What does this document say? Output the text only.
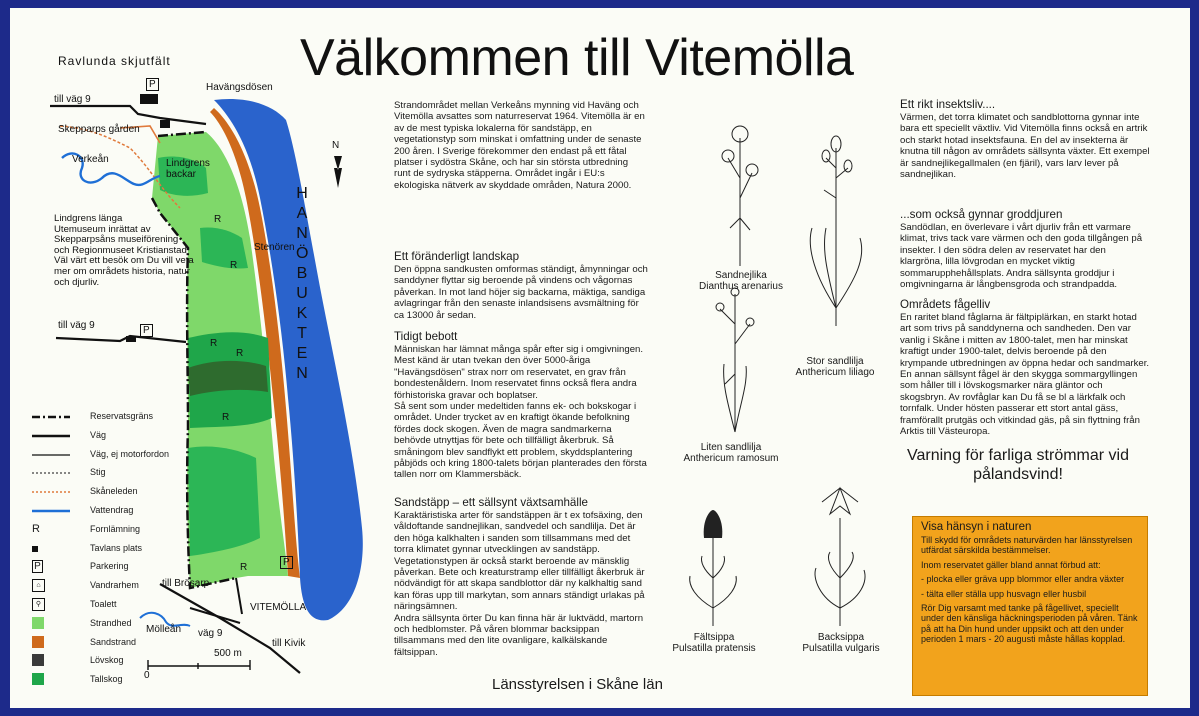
Välkommen till Vitemölla
Ravlunda skjutfält
Havängsdösen
till väg 9
Skepparps gården
Verkeån	Lindgrens backar
Stenören
HANÖBUKTEN
till väg 9
VITEMÖLLA
till Brösarp
Mölleån väg 9
till Kivik
0
500 m
N
Lindgrens länga
Utemuseum inrättat av
Skepparpsåns museiförening
och Regionmuseet Kristianstad
Väl värt ett besök om Du vill veta
mer om områdets historia, natur
och djurliv.
R
R
R
R
R
R
P
P
P
Reservatsgräns
Väg
Väg, ej motorfordon
Stig
Skåneleden
Vattendrag
R	Fornlämning
Tavlans plats
P	Parkering
⌂	Vandrarhem
⚲	Toalett
Strandhed
Sandstrand
Lövskog
Tallskog

Strandområdet mellan Verkeåns mynning vid Haväng och Vitemölla avsattes som naturreservat 1964. Vitemölla är en av de mest typiska lokalerna för sandstäpp, en vegetationstyp som minskat i omfattning under de senaste 200 åren. I Sverige förekommer den endast på ett fåtal platser i sydöstra Skåne, och har sin största utbredning runt de sydryska stäpperna. Området ingår i EU:s ekologiska nätverk av skyddade områden, Natura 2000.

Ett föränderligt landskap

Den öppna sandkusten omformas ständigt, åmynningar och sanddyner flyttar sig beroende på vindens och vågornas påverkan. In mot land höjer sig backarna, mäktiga, sandiga avlagringar från den senaste inlandsisens avsmältning för ca 13000 år sedan.

Tidigt bebott

Människan har lämnat många spår efter sig i omgivningen. Mest känd är utan tvekan den över 5000-åriga "Havängsdösen" strax norr om reservatet, en grav från bondestenåldern. Inom reservatet finns också flera andra förhistoriska gravar och boplatser.

Så sent som under medeltiden fanns ek- och bokskogar i området. Under trycket av en kraftigt ökande befolkning fördes dock skogen. Även de magra sandmarkerna behövde utnyttjas för bete och tillfälligt åkerbruk. Så småningom blev sandflykt ett problem, skyddsplantering påbjöds och kring 1800-talets början planterades den första tallen norr om Klammersbäck.

Sandstäpp – ett sällsynt växtsamhälle

Karaktäristiska arter för sandstäppen är t ex tofsäxing, den våldoftande sandnejlikan, sandvedel och sandlilja. Det är den höga kalkhalten i sanden som tillsammans med det torra klimatet gynnar utvecklingen av sandstäpp. Vegetationstypen är också starkt beroende av mänsklig påverkan. Bete och kreaturstramp eller tillfälligt åkerbruk är nödvändigt för att skapa sandblottor där ny kalkhaltig sand kan föras upp till markytan, som annars ständigt urlakas på näringsämnen.

Andra sällsynta örter Du kan finna här är luktvädd, martorn och hedblomster. På våren blommar backsippan tillsammans med den lite ovanligare, kalkälskande fältsippan.

Sandnejlika
Dianthus arenarius
Stor sandlilja
Anthericum liliago
Liten sandlilja
Anthericum ramosum
Fältsippa
Pulsatilla pratensis
Backsippa
Pulsatilla vulgaris

Ett rikt insektsliv....

Värmen, det torra klimatet och sandblottorna gynnar inte bara ett speciellt växtliv. Vid Vitemölla finns också en artrik och starkt hotad insektsfauna. En del av insekterna är knutna till någon av områdets sällsynta växter. Ett exempel är sandnejlikegallmalen (en fjäril), vars larv lever på sandnejlikan.

...som också gynnar groddjuren

Sandödlan, en överlevare i vårt djurliv från ett varmare klimat, trivs tack vare värmen och den goda tillgången på insekter. I den södra delen av reservatet har den klargröna, lilla lövgrodan en mycket viktig sommarupphehållsplats. Andra sällsynta groddjur i omgivningarna är långbensgroda och strandpadda.

Områdets fågelliv

En raritet bland fåglarna är fältpiplärkan, en starkt hotad art som trivs på sanddynerna och sandheden. Den var vanlig i Skåne i mitten av 1800-talet, men har minskat kraftigt under 1900-talet, delvis beroende på den krympande utbredningen av öppna hedar och sandmarker. En annan sällsynt fågel är den skygga sommargyllingen som håller till i lövskogsmarker nära gläntor och skogsbryn. Av rovfåglar kan Du få se bl a lärkfalk och tornfalk. Under hösten passerar ett stort antal gäss, framförallt prutgäs och vitkindad gäs, på sin flyttning från Arktis till Västeuropa.

Varning för farliga strömmar vid pålandsvind!

Visa hänsyn i naturen

Till skydd för områdets naturvärden har länsstyrelsen utfärdat särskilda bestämmelser.

Inom reservatet gäller bland annat förbud att:

- plocka eller gräva upp blommor eller andra växter

- tälta eller ställa upp husvagn eller husbil

Rör Dig varsamt med tanke på fågellivet, speciellt under den känsliga häckningsperioden på våren. Tänk på att ha Din hund under uppsikt och att den under perioden 1 mars - 20 augusti måste hållas kopplad.

Länsstyrelsen i Skåne län
